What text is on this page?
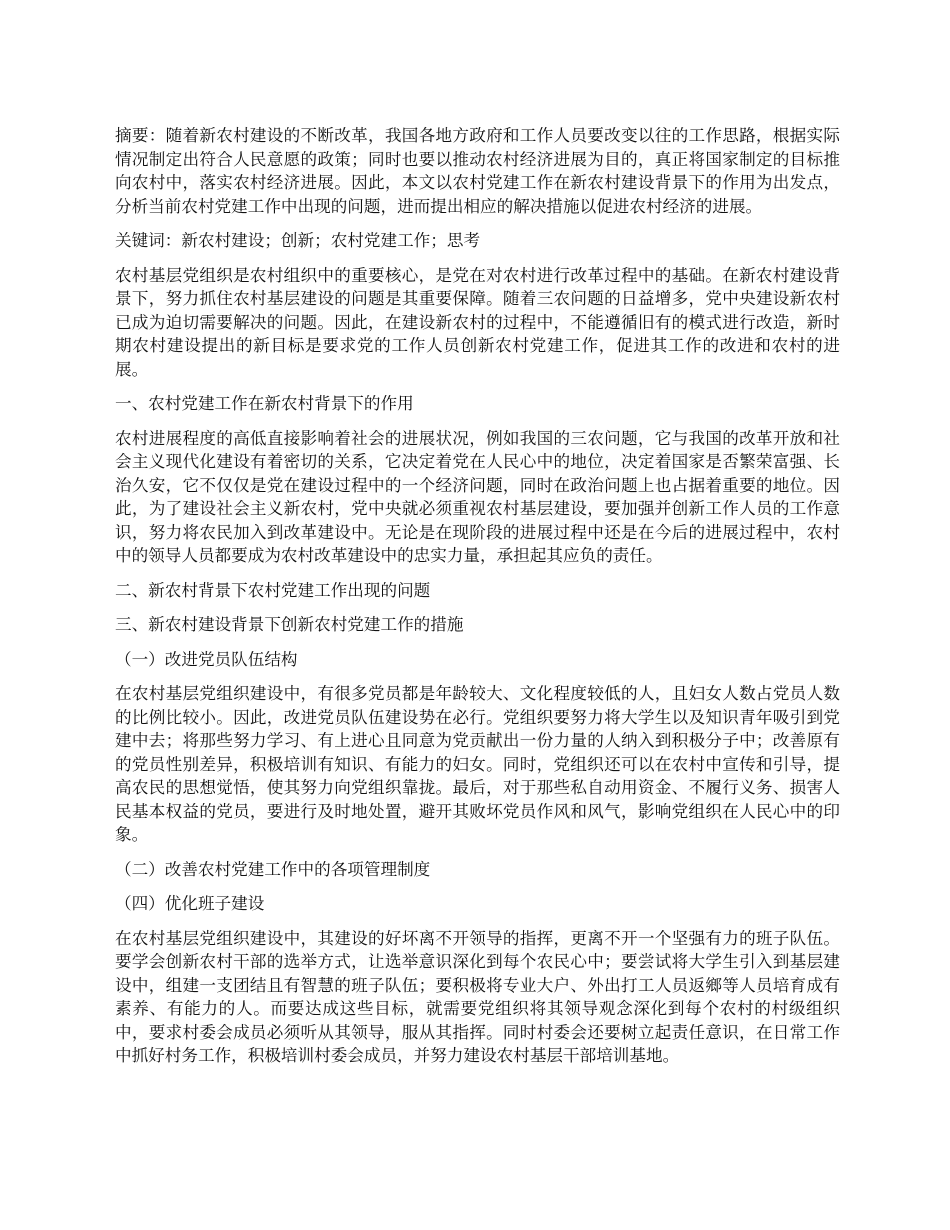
摘要：随着新农村建设的不断改革，我国各地方政府和工作人员要改变以往的工作思路，根据实际情况制定出符合人民意愿的政策；同时也要以推动农村经济进展为目的，真正将国家制定的目标推向农村中，落实农村经济进展。因此，本文以农村党建工作在新农村建设背景下的作用为出发点，分析当前农村党建工作中出现的问题，进而提出相应的解决措施以促进农村经济的进展。

关键词：新农村建设；创新；农村党建工作；思考

农村基层党组织是农村组织中的重要核心，是党在对农村进行改革过程中的基础。在新农村建设背景下，努力抓住农村基层建设的问题是其重要保障。随着三农问题的日益增多，党中央建设新农村已成为迫切需要解决的问题。因此，在建设新农村的过程中，不能遵循旧有的模式进行改造，新时期农村建设提出的新目标是要求党的工作人员创新农村党建工作，促进其工作的改进和农村的进展。

一、农村党建工作在新农村背景下的作用

农村进展程度的高低直接影响着社会的进展状况，例如我国的三农问题，它与我国的改革开放和社会主义现代化建设有着密切的关系，它决定着党在人民心中的地位，决定着国家是否繁荣富强、长治久安，它不仅仅是党在建设过程中的一个经济问题，同时在政治问题上也占据着重要的地位。因此，为了建设社会主义新农村，党中央就必须重视农村基层建设，要加强并创新工作人员的工作意识，努力将农民加入到改革建设中。无论是在现阶段的进展过程中还是在今后的进展过程中，农村中的领导人员都要成为农村改革建设中的忠实力量，承担起其应负的责任。

二、新农村背景下农村党建工作出现的问题

三、新农村建设背景下创新农村党建工作的措施

（一）改进党员队伍结构

在农村基层党组织建设中，有很多党员都是年龄较大、文化程度较低的人，且妇女人数占党员人数的比例比较小。因此，改进党员队伍建设势在必行。党组织要努力将大学生以及知识青年吸引到党建中去；将那些努力学习、有上进心且同意为党贡献出一份力量的人纳入到积极分子中；改善原有的党员性别差异，积极培训有知识、有能力的妇女。同时，党组织还可以在农村中宣传和引导，提高农民的思想觉悟，使其努力向党组织靠拢。最后，对于那些私自动用资金、不履行义务、损害人民基本权益的党员，要进行及时地处置，避开其败坏党员作风和风气，影响党组织在人民心中的印象。

（二）改善农村党建工作中的各项管理制度

（四）优化班子建设

在农村基层党组织建设中，其建设的好坏离不开领导的指挥，更离不开一个坚强有力的班子队伍。要学会创新农村干部的选举方式，让选举意识深化到每个农民心中；要尝试将大学生引入到基层建设中，组建一支团结且有智慧的班子队伍；要积极将专业大户、外出打工人员返鄉等人员培育成有素养、有能力的人。而要达成这些目标，就需要党组织将其领导观念深化到每个农村的村级组织中，要求村委会成员必须听从其领导，服从其指挥。同时村委会还要树立起责任意识，在日常工作中抓好村务工作，积极培训村委会成员，并努力建设农村基层干部培训基地。
